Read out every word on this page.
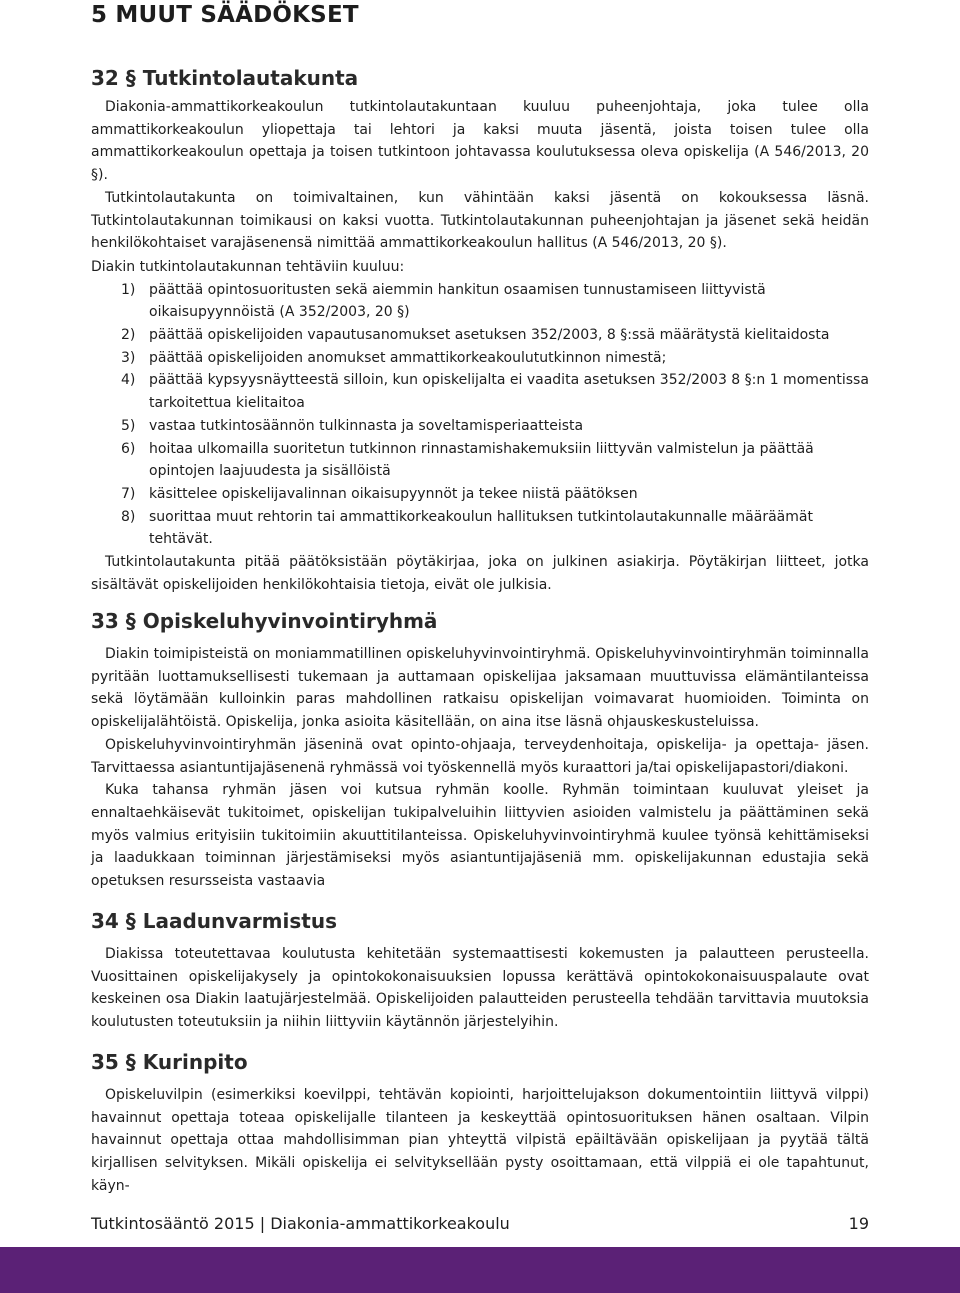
5 MUUT SÄÄDÖKSET
32 § Tutkintolautakunta

Diakonia-ammattikorkeakoulun tutkintolautakuntaan kuuluu puheenjohtaja, joka tulee olla ammattikorkeakoulun yliopettaja tai lehtori ja kaksi muuta jäsentä, joista toisen tulee olla ammattikorkeakoulun opettaja ja toisen tutkintoon johtavassa koulutuksessa oleva opiskelija (A 546/2013, 20 §).

Tutkintolautakunta on toimivaltainen, kun vähintään kaksi jäsentä on kokouksessa läsnä. Tutkintolautakunnan toimikausi on kaksi vuotta. Tutkintolautakunnan puheenjohtajan ja jäsenet sekä heidän henkilökohtaiset varajäsenensä nimittää ammattikorkeakoulun hallitus (A 546/2013, 20 §).

Diakin tutkintolautakunnan tehtäviin kuuluu:

1) päättää opintosuoritusten sekä aiemmin hankitun osaamisen tunnustamiseen liittyvistä oikaisupyynnöistä (A 352/2003, 20 §)
2) päättää opiskelijoiden vapautusanomukset asetuksen 352/2003, 8 §:ssä määrätystä kielitaidosta
3) päättää opiskelijoiden anomukset ammattikorkeakoulututkinnon nimestä;
4) päättää kypsyysnäytteestä silloin, kun opiskelijalta ei vaadita asetuksen 352/2003 8 §:n 1 momentissa tarkoitettua kielitaitoa
5) vastaa tutkintosäännön tulkinnasta ja soveltamisperiaatteista
6) hoitaa ulkomailla suoritetun tutkinnon rinnastamishakemuksiin liittyvän valmistelun ja päättää opintojen laajuudesta ja sisällöistä
7) käsittelee opiskelijavalinnan oikaisupyynnöt ja tekee niistä päätöksen
8) suorittaa muut rehtorin tai ammattikorkeakoulun hallituksen tutkintolautakunnalle määräämät tehtävät.

Tutkintolautakunta pitää päätöksistään pöytäkirjaa, joka on julkinen asiakirja. Pöytäkirjan liitteet, jotka sisältävät opiskelijoiden henkilökohtaisia tietoja, eivät ole julkisia.

33 § Opiskeluhyvinvointiryhmä

Diakin toimipisteistä on moniammatillinen opiskeluhyvinvointiryhmä. Opiskeluhyvinvointiryhmän toiminnalla pyritään luottamuksellisesti tukemaan ja auttamaan opiskelijaa jaksamaan muuttuvissa elämäntilanteissa sekä löytämään kulloinkin paras mahdollinen ratkaisu opiskelijan voimavarat huomioiden. Toiminta on opiskelijalähtöistä. Opiskelija, jonka asioita käsitellään, on aina itse läsnä ohjauskeskusteluissa.

Opiskeluhyvinvointiryhmän jäseninä ovat opinto-ohjaaja, terveydenhoitaja, opiskelija- ja opettaja- jäsen. Tarvittaessa asiantuntijajäsenenä ryhmässä voi työskennellä myös kuraattori ja/tai opiskelijapastori/diakoni.

Kuka tahansa ryhmän jäsen voi kutsua ryhmän koolle. Ryhmän toimintaan kuuluvat yleiset ja ennaltaehkäisevät tukitoimet, opiskelijan tukipalveluihin liittyvien asioiden valmistelu ja päättäminen sekä myös valmius erityisiin tukitoimiin akuuttitilanteissa. Opiskeluhyvinvointiryhmä kuulee työnsä kehittämiseksi ja laadukkaan toiminnan järjestämiseksi myös asiantuntijajäseniä mm. opiskelijakunnan edustajia sekä opetuksen resursseista vastaavia

34 § Laadunvarmistus

Diakissa toteutettavaa koulutusta kehitetään systemaattisesti kokemusten ja palautteen perusteella. Vuosittainen opiskelijakysely ja opintokokonaisuuksien lopussa kerättävä opintokokonaisuuspalaute ovat keskeinen osa Diakin laatujärjestelmää. Opiskelijoiden palautteiden perusteella tehdään tarvittavia muutoksia koulutusten toteutuksiin ja niihin liittyviin käytännön järjestelyihin.

35 § Kurinpito

Opiskeluvilpin (esimerkiksi koevilppi, tehtävän kopiointi, harjoittelujakson dokumentointiin liittyvä vilppi) havainnut opettaja toteaa opiskelijalle tilanteen ja keskeyttää opintosuorituksen hänen osaltaan. Vilpin havainnut opettaja ottaa mahdollisimman pian yhteyttä vilpistä epäiltävään opiskelijaan ja pyytää tältä kirjallisen selvityksen. Mikäli opiskelija ei selvityksellään pysty osoittamaan, että vilppiä ei ole tapahtunut, käyn-

Tutkintosääntö 2015 | Diakonia-ammattikorkeakoulu	19
